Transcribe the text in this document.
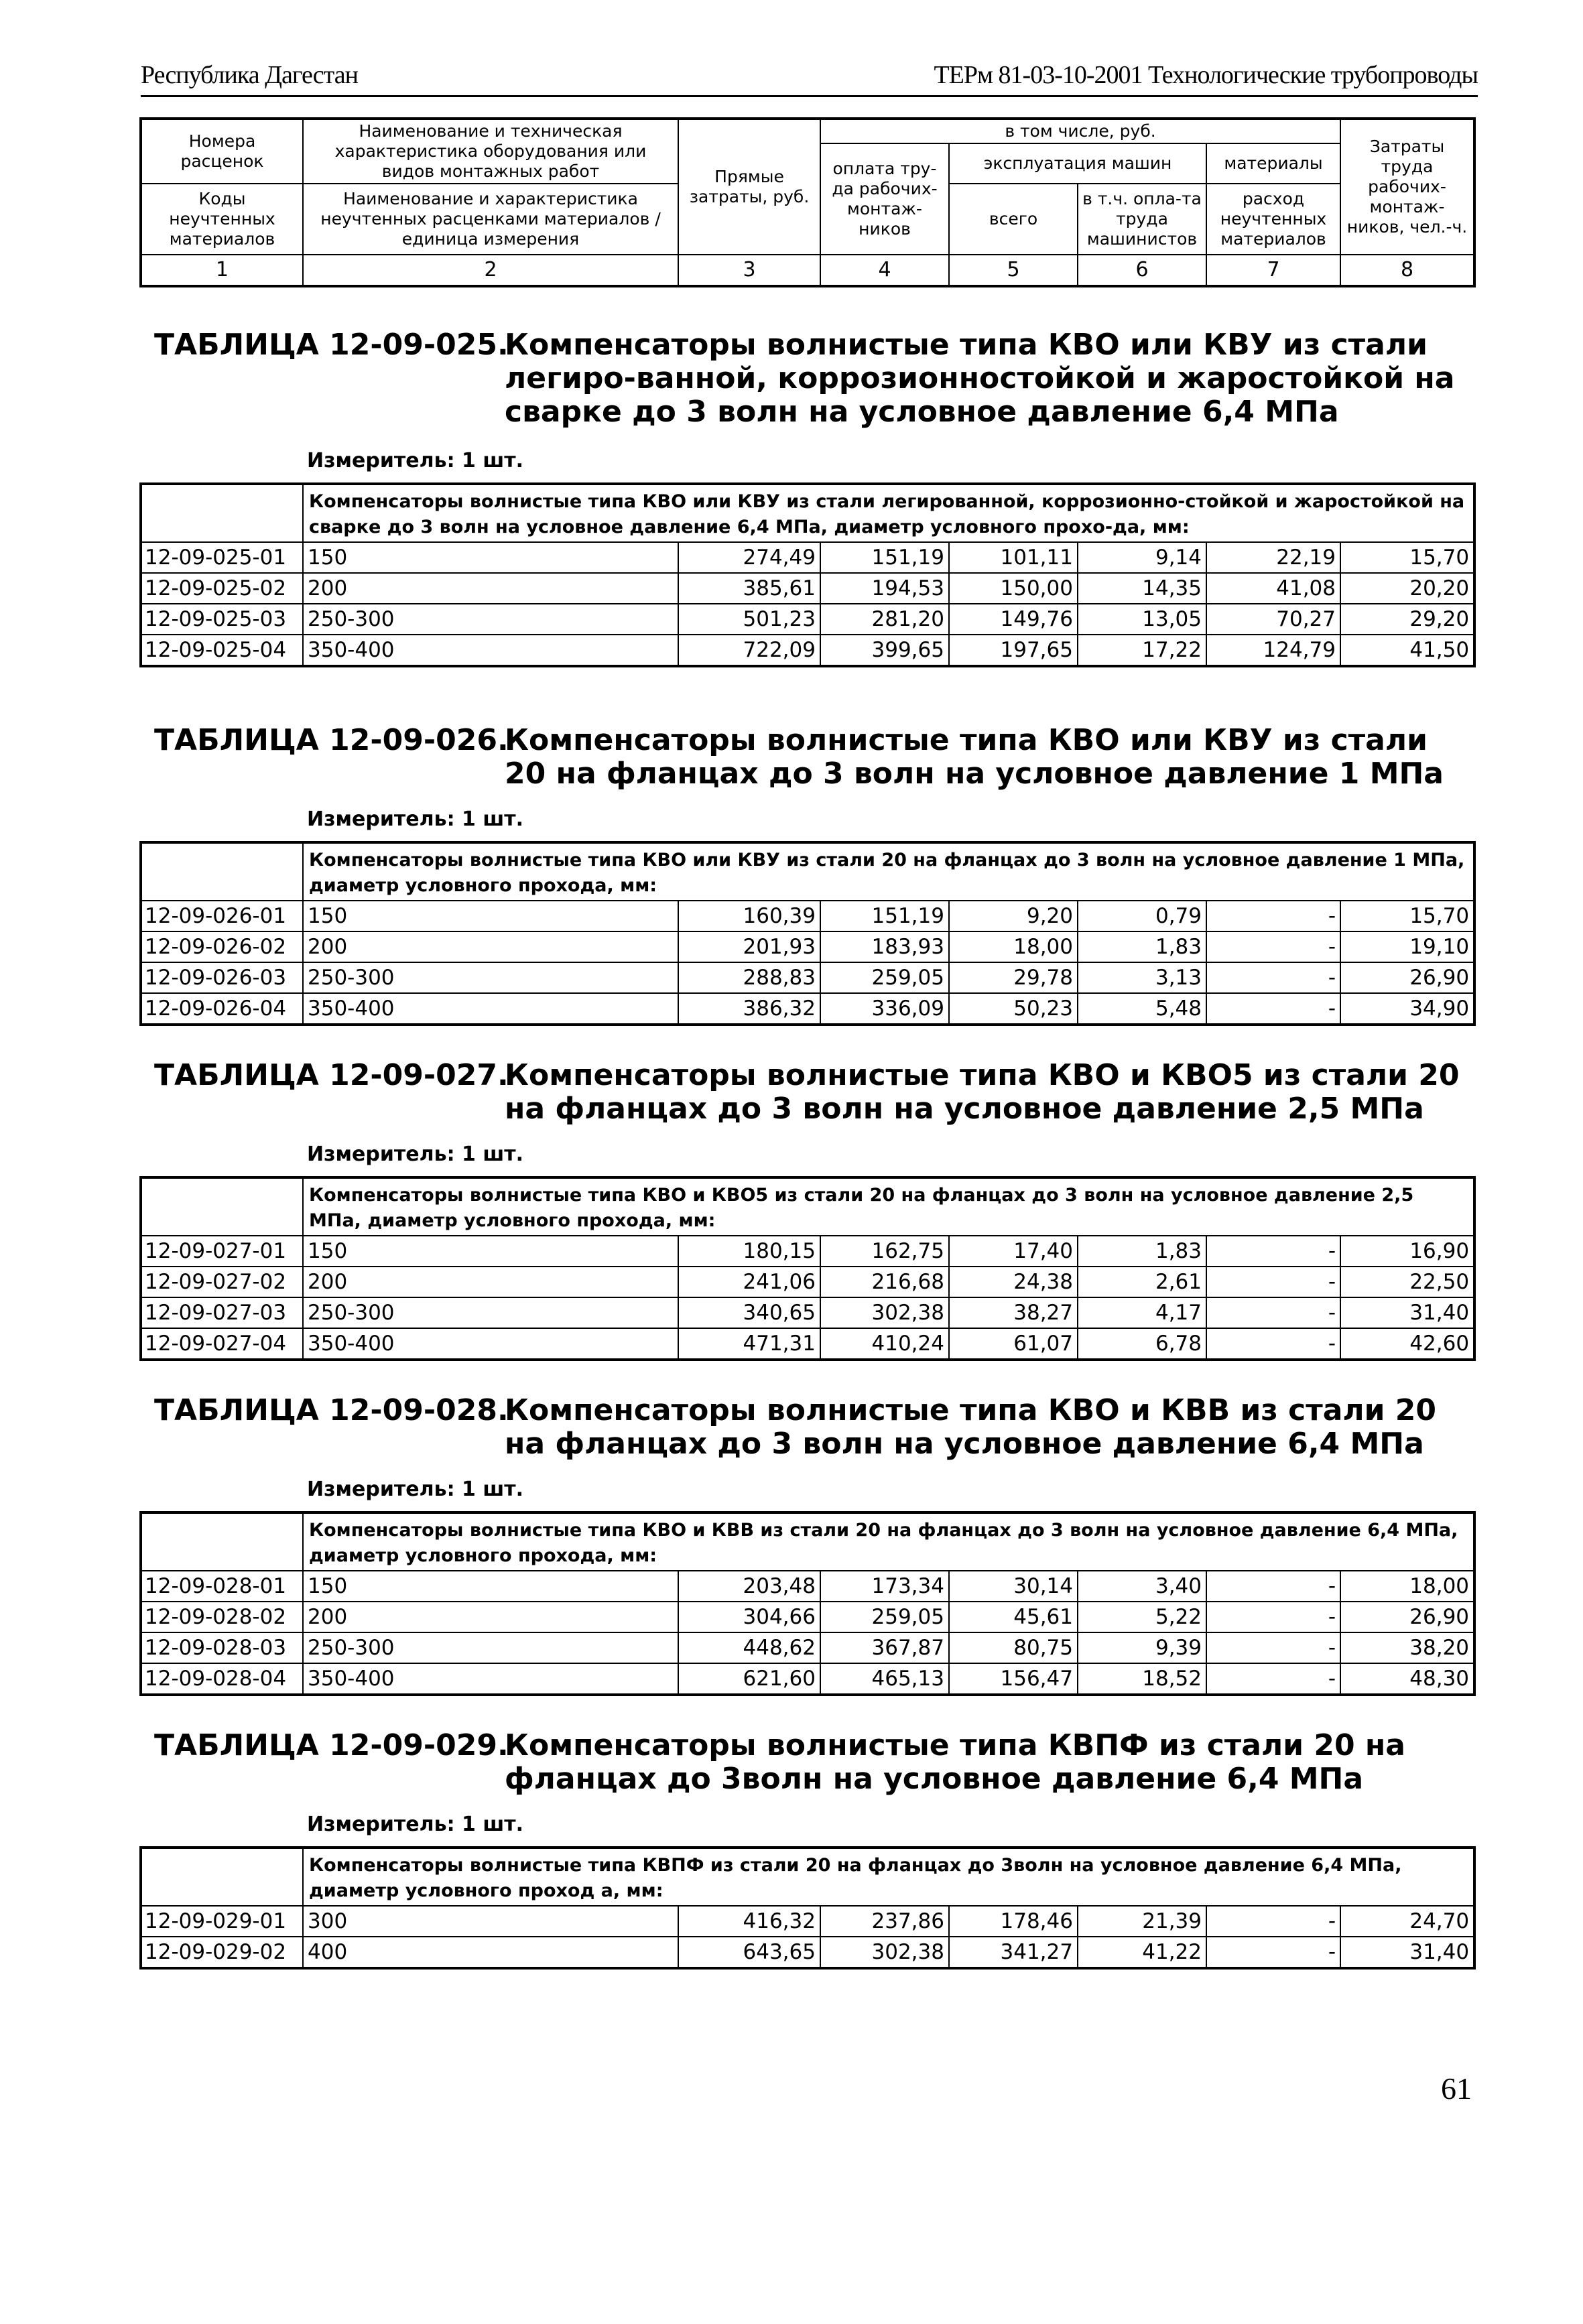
Республика Дагестан	ТЕРм 81-03-10-2001 Технологические трубопроводы
Номера расценок	Наименование и техническая характеристика оборудования или видов монтажных работ	Прямые затраты, руб.	в том числе, руб.				Затраты труда рабочих-монтаж-ников, чел.-ч.
			оплата тру-да рабочих-монтаж-ников	эксплуатация машин		материалы	
Коды неучтенных материалов	Наименование и характеристика неучтенных расценками материалов / единица измерения			всего	в т.ч. опла-та труда машинистов	расход неучтенных материалов	

1	2	3	4	5	6	7	8
ТАБЛИЦА 12-09-025.
Компенсаторы волнистые типа КВО или КВУ из стали легиро-ванной, коррозионностойкой и жаростойкой на сварке до 3 волн на условное давление 6,4 МПа
Измеритель: 1 шт.
	Компенсаторы волнистые типа КВО или КВУ из стали легированной, коррозионно-стойкой и жаростойкой на сварке до 3 волн на условное давление 6,4 МПа, диаметр условного прохо-да, мм:						
12-09-025-01	150	274,49	151,19	101,11	9,14	22,19	15,70
12-09-025-02	200	385,61	194,53	150,00	14,35	41,08	20,20
12-09-025-03	250-300	501,23	281,20	149,76	13,05	70,27	29,20
12-09-025-04	350-400	722,09	399,65	197,65	17,22	124,79	41,50
ТАБЛИЦА 12-09-026.
Компенсаторы волнистые типа КВО или КВУ из стали 20 на фланцах до 3 волн на условное давление 1 МПа
Измеритель: 1 шт.
	Компенсаторы волнистые типа КВО или КВУ из стали 20 на фланцах до 3 волн на условное давление 1 МПа, диаметр условного прохода, мм:						
12-09-026-01	150	160,39	151,19	9,20	0,79	-	15,70
12-09-026-02	200	201,93	183,93	18,00	1,83	-	19,10
12-09-026-03	250-300	288,83	259,05	29,78	3,13	-	26,90
12-09-026-04	350-400	386,32	336,09	50,23	5,48	-	34,90
ТАБЛИЦА 12-09-027.
Компенсаторы волнистые типа КВО и КВО5 из стали 20 на фланцах до 3 волн на условное давление 2,5 МПа
Измеритель: 1 шт.
	Компенсаторы волнистые типа КВО и КВО5 из стали 20 на фланцах до 3 волн на условное давление 2,5 МПа, диаметр условного прохода, мм:						
12-09-027-01	150	180,15	162,75	17,40	1,83	-	16,90
12-09-027-02	200	241,06	216,68	24,38	2,61	-	22,50
12-09-027-03	250-300	340,65	302,38	38,27	4,17	-	31,40
12-09-027-04	350-400	471,31	410,24	61,07	6,78	-	42,60
ТАБЛИЦА 12-09-028.
Компенсаторы волнистые типа КВО и КВВ из стали 20 на фланцах до 3 волн на условное давление 6,4 МПа
Измеритель: 1 шт.
	Компенсаторы волнистые типа КВО и КВВ из стали 20 на фланцах до 3 волн на условное давление 6,4 МПа, диаметр условного прохода, мм:						
12-09-028-01	150	203,48	173,34	30,14	3,40	-	18,00
12-09-028-02	200	304,66	259,05	45,61	5,22	-	26,90
12-09-028-03	250-300	448,62	367,87	80,75	9,39	-	38,20
12-09-028-04	350-400	621,60	465,13	156,47	18,52	-	48,30
ТАБЛИЦА 12-09-029.
Компенсаторы волнистые типа КВПФ из стали 20 на фланцах до 3волн на условное давление 6,4 МПа
Измеритель: 1 шт.
	Компенсаторы волнистые типа КВПФ из стали 20 на фланцах до 3волн на условное давление 6,4 МПа, диаметр условного проход а, мм:						
12-09-029-01	300	416,32	237,86	178,46	21,39	-	24,70
12-09-029-02	400	643,65	302,38	341,27	41,22	-	31,40
61
